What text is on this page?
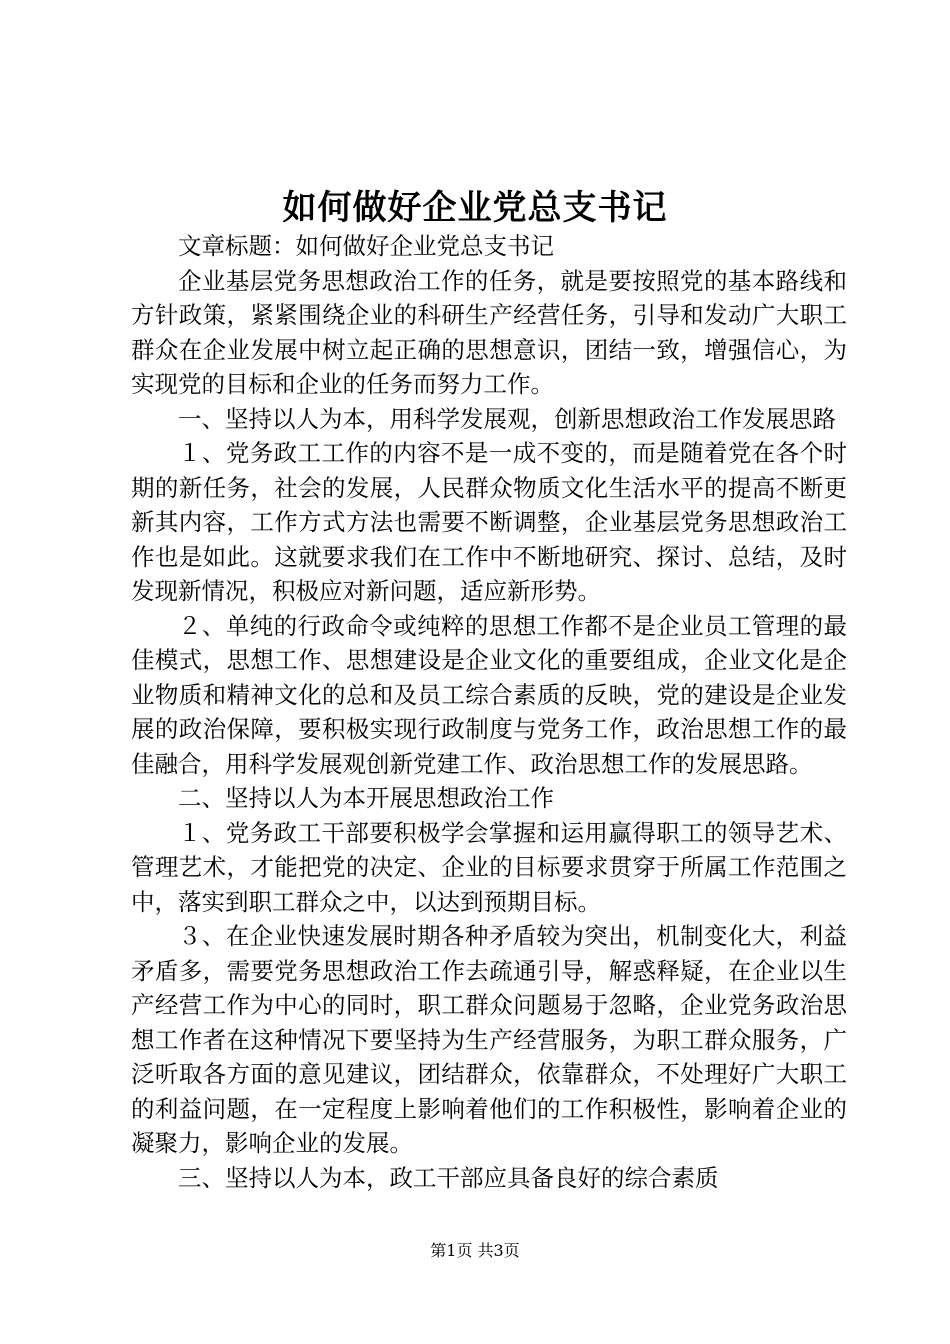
如何做好企业党总支书记

文章标题：如何做好企业党总支书记

企业基层党务思想政治工作的任务，就是要按照党的基本路线和方针政策，紧紧围绕企业的科研生产经营任务，引导和发动广大职工群众在企业发展中树立起正确的思想意识，团结一致，增强信心，为实现党的目标和企业的任务而努力工作。

一、坚持以人为本，用科学发展观，创新思想政治工作发展思路

１、党务政工工作的内容不是一成不变的，而是随着党在各个时期的新任务，社会的发展，人民群众物质文化生活水平的提高不断更新其内容，工作方式方法也需要不断调整，企业基层党务思想政治工作也是如此。这就要求我们在工作中不断地研究、探讨、总结，及时发现新情况，积极应对新问题，适应新形势。

２、单纯的行政命令或纯粹的思想工作都不是企业员工管理的最佳模式，思想工作、思想建设是企业文化的重要组成，企业文化是企业物质和精神文化的总和及员工综合素质的反映，党的建设是企业发展的政治保障，要积极实现行政制度与党务工作，政治思想工作的最佳融合，用科学发展观创新党建工作、政治思想工作的发展思路。

二、坚持以人为本开展思想政治工作

１、党务政工干部要积极学会掌握和运用赢得职工的领导艺术、管理艺术，才能把党的决定、企业的目标要求贯穿于所属工作范围之中，落实到职工群众之中，以达到预期目标。

３、在企业快速发展时期各种矛盾较为突出，机制变化大，利益矛盾多，需要党务思想政治工作去疏通引导，解惑释疑，在企业以生产经营工作为中心的同时，职工群众问题易于忽略，企业党务政治思想工作者在这种情况下要坚持为生产经营服务，为职工群众服务，广泛听取各方面的意见建议，团结群众，依靠群众，不处理好广大职工的利益问题，在一定程度上影响着他们的工作积极性，影响着企业的凝聚力，影响企业的发展。

三、坚持以人为本，政工干部应具备良好的综合素质

第1页 共3页
